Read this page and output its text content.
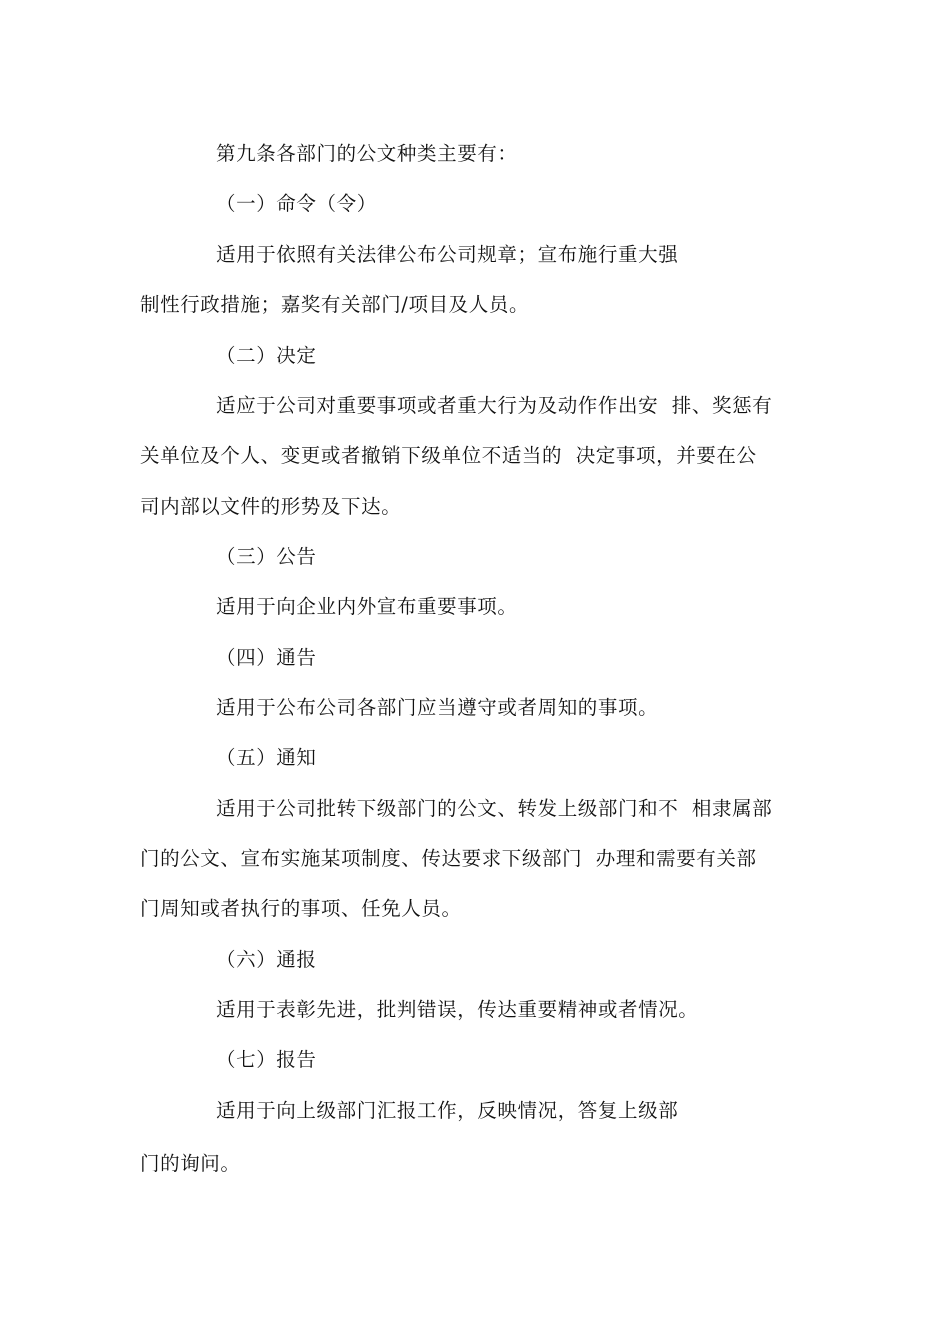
第九条各部门的公文种类主要有：
（一）命令（令）
适用于依照有关法律公布公司规章；宣布施行重大强
制性行政措施；嘉奖有关部门/项目及人员。
（二）决定
适应于公司对重要事项或者重大行为及动作作出安  排、奖惩有
关单位及个人、变更或者撤销下级单位不适当的  决定事项，并要在公
司内部以文件的形势及下达。
（三）公告
适用于向企业内外宣布重要事项。
（四）通告
适用于公布公司各部门应当遵守或者周知的事项。
（五）通知
适用于公司批转下级部门的公文、转发上级部门和不  相隶属部
门的公文、宣布实施某项制度、传达要求下级部门  办理和需要有关部
门周知或者执行的事项、任免人员。
（六）通报
适用于表彰先进，批判错误，传达重要精神或者情况。
（七）报告
适用于向上级部门汇报工作，反映情况，答复上级部
门的询问。
